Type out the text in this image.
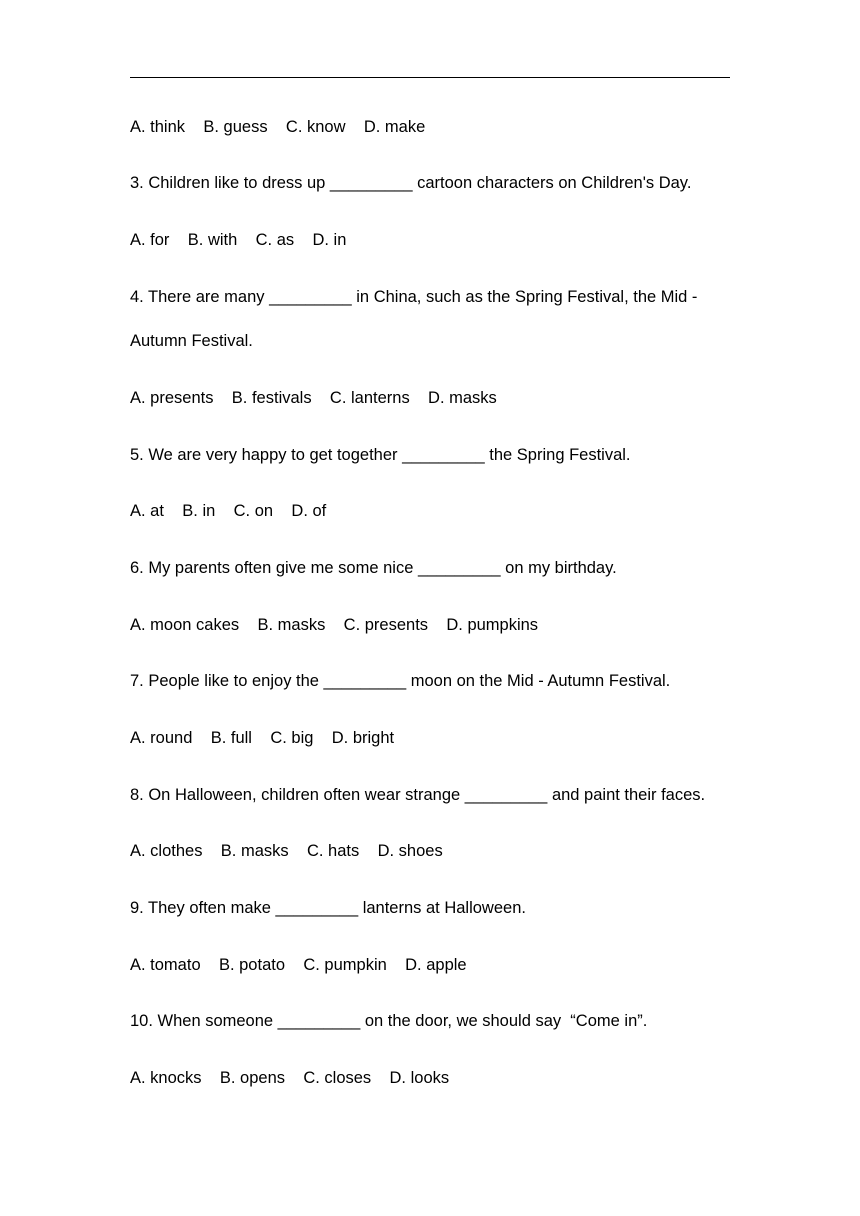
A. think    B. guess    C. know    D. make
3. Children like to dress up _________ cartoon characters on Children's Day.
A. for    B. with    C. as    D. in
4. There are many _________ in China, such as the Spring Festival, the Mid -
Autumn Festival.
A. presents    B. festivals    C. lanterns    D. masks
5. We are very happy to get together _________ the Spring Festival.
A. at    B. in    C. on    D. of
6. My parents often give me some nice _________ on my birthday.
A. moon cakes    B. masks    C. presents    D. pumpkins
7. People like to enjoy the _________ moon on the Mid - Autumn Festival.
A. round    B. full    C. big    D. bright
8. On Halloween, children often wear strange _________ and paint their faces.
A. clothes    B. masks    C. hats    D. shoes
9. They often make _________ lanterns at Halloween.
A. tomato    B. potato    C. pumpkin    D. apple
10. When someone _________ on the door, we should say  “Come in”.
A. knocks    B. opens    C. closes    D. looks
